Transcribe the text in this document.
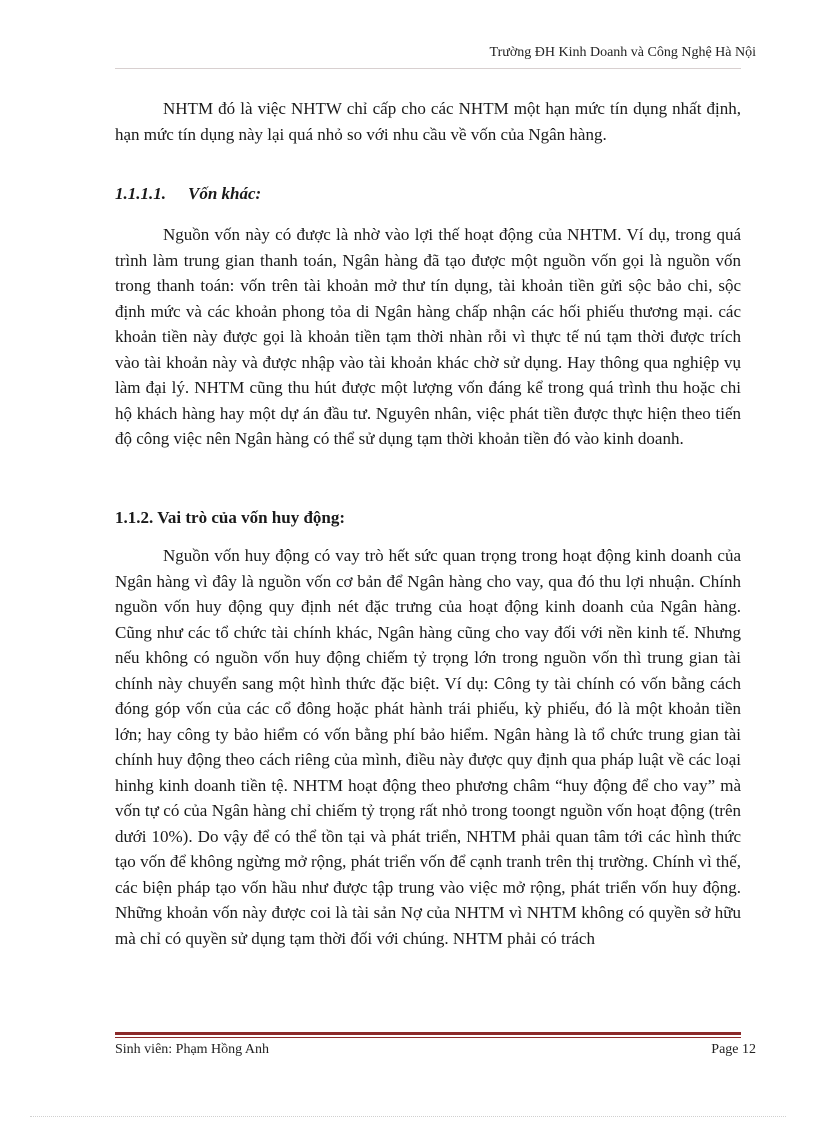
Trường ĐH Kinh Doanh và Công Nghệ Hà Nội

NHTM đó là việc NHTW chỉ cấp cho các NHTM một hạn mức tín dụng nhất định, hạn mức tín dụng này lại quá nhỏ so với nhu cầu về vốn của Ngân hàng.

1.1.1.1. Vốn khác:

Nguồn vốn này có được là nhờ vào lợi thế hoạt động của NHTM. Ví dụ, trong quá trình làm trung gian thanh toán, Ngân hàng đã tạo được một nguồn vốn gọi là nguồn vốn trong thanh toán: vốn trên tài khoản mở thư tín dụng, tài khoản tiền gửi sộc bảo chi, sộc định mức và các khoản phong tỏa di Ngân hàng chấp nhận các hối phiếu thương mại. các khoản tiền này được gọi là khoản tiền tạm thời nhàn rỗi vì thực tế nú tạm thời được trích vào tài khoản này và được nhập vào tài khoản khác chờ sử dụng. Hay thông qua nghiệp vụ làm đại lý. NHTM cũng thu hút được một lượng vốn đáng kể trong quá trình thu hoặc chi hộ khách hàng hay một dự án đầu tư. Nguyên nhân, việc phát tiền được thực hiện theo tiến độ công việc nên Ngân hàng có thể sử dụng tạm thời khoản tiền đó vào kinh doanh.

1.1.2. Vai trò của vốn huy động:

Nguồn vốn huy động có vay trò hết sức quan trọng trong hoạt động kinh doanh của Ngân hàng vì đây là nguồn vốn cơ bản để Ngân hàng cho vay, qua đó thu lợi nhuận. Chính nguồn vốn huy động quy định nét đặc trưng của hoạt động kinh doanh của Ngân hàng. Cũng như các tổ chức tài chính khác, Ngân hàng cũng cho vay đối với nền kinh tế. Nhưng nếu không có nguồn vốn huy động chiếm tỷ trọng lớn trong nguồn vốn thì trung gian tài chính này chuyển sang một hình thức đặc biệt. Ví dụ: Công ty tài chính có vốn bằng cách đóng góp vốn của các cổ đông hoặc phát hành trái phiếu, kỳ phiếu, đó là một khoản tiền lớn; hay công ty bảo hiểm có vốn bằng phí bảo hiểm. Ngân hàng là tổ chức trung gian tài chính huy động theo cách riêng của mình, điều này được quy định qua pháp luật về các loại hinhg kinh doanh tiền tệ. NHTM hoạt động theo phương châm “huy động để cho vay” mà vốn tự có của Ngân hàng chỉ chiếm tỷ trọng rất nhỏ trong toongt nguồn vốn hoạt động (trên dưới 10%). Do vậy để có thể tồn tại và phát triển, NHTM phải quan tâm tới các hình thức tạo vốn để không ngừng mở rộng, phát triển vốn để cạnh tranh trên thị trường. Chính vì thế, các biện pháp tạo vốn hầu như được tập trung vào việc mở rộng, phát triển vốn huy động. Những khoản vốn này được coi là tài sản Nợ của NHTM vì NHTM không có quyền sở hữu mà chỉ có quyền sử dụng tạm thời đối với chúng. NHTM phải có trách

Sinh viên: Phạm Hồng Anh	Page 12
